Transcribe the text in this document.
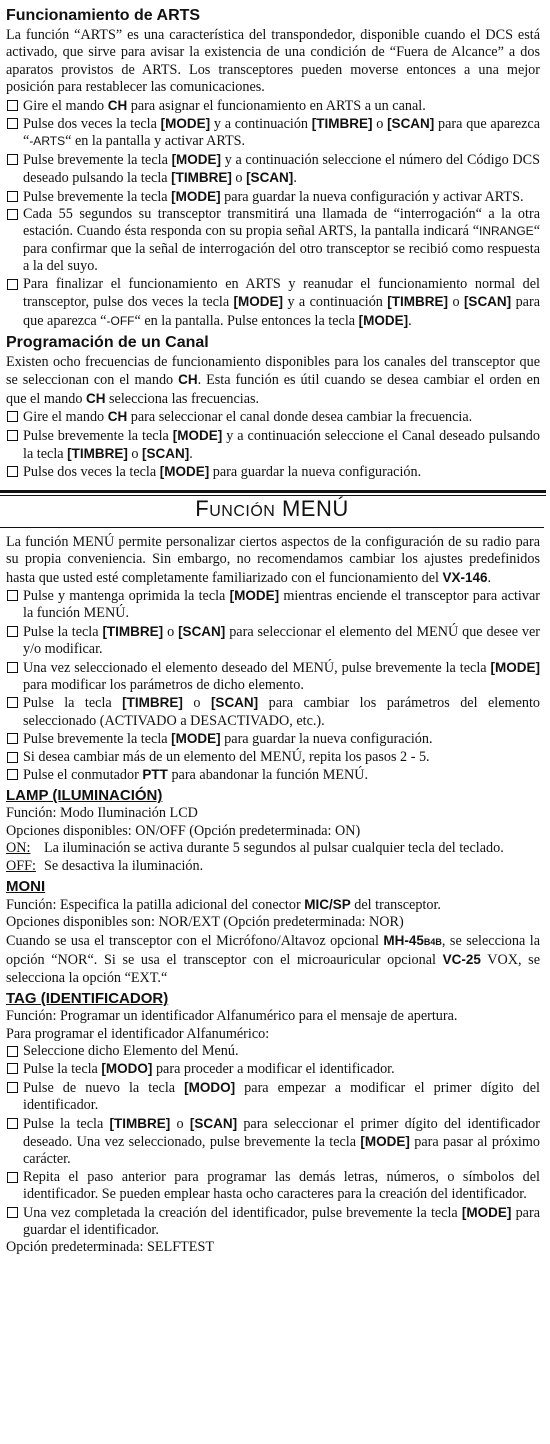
Funcionamiento de ARTS

La función “ARTS” es una característica del transpondedor, disponible cuando el DCS está activado, que sirve para avisar la existencia de una condición de “Fuera de Alcance” a dos aparatos provistos de ARTS. Los transceptores pueden moverse entonces a una mejor posición para restablecer las comunicaciones.

Gire el mando CH para asignar el funcionamiento en ARTS a un canal.
Pulse dos veces la tecla [MODE] y a continuación [TIMBRE] o [SCAN] para que aparezca “-ARTS“ en la pantalla y activar ARTS.
Pulse brevemente la tecla [MODE] y a continuación seleccione el número del Código DCS deseado pulsando la tecla [TIMBRE] o [SCAN].
Pulse brevemente la tecla [MODE] para guardar la nueva configuración y activar ARTS.
Cada 55 segundos su transceptor transmitirá una llamada de “interrogación“ a la otra estación. Cuando ésta responda con su propia señal ARTS, la pantalla indicará “INRANGE“ para confirmar que la señal de interrogación del otro transceptor se recibió como respuesta a la del suyo.
Para finalizar el funcionamiento en ARTS y reanudar el funcionamiento normal del transceptor, pulse dos veces la tecla [MODE] y a continuación [TIMBRE] o [SCAN] para que aparezca “-OFF“ en la pantalla. Pulse entonces la tecla [MODE].
Programación de un Canal

Existen ocho frecuencias de funcionamiento disponibles para los canales del transceptor que se seleccionan con el mando CH. Esta función es útil cuando se desea cambiar el orden en que el mando CH selecciona las frecuencias.

Gire el mando CH para seleccionar el canal donde desea cambiar la frecuencia.
Pulse brevemente la tecla [MODE] y a continuación seleccione el Canal deseado pulsando la tecla [TIMBRE] o [SCAN].
Pulse dos veces la tecla [MODE] para guardar la nueva configuración.
FUNCIÓN MENÚ

La función MENÚ permite personalizar ciertos aspectos de la configuración de su radio para su propia conveniencia. Sin embargo, no recomendamos cambiar los ajustes predefinidos hasta que usted esté completamente familiarizado con el funcionamiento del VX-146.

Pulse y mantenga oprimida la tecla [MODE] mientras enciende el transceptor para activar la función MENÚ.
Pulse la tecla [TIMBRE] o [SCAN] para seleccionar el elemento del MENÚ que desee ver y/o modificar.
Una vez seleccionado el elemento deseado del MENÚ, pulse brevemente la tecla [MODE] para modificar los parámetros de dicho elemento.
Pulse la tecla [TIMBRE] o [SCAN] para cambiar los parámetros del elemento seleccionado (ACTIVADO a DESACTIVADO, etc.).
Pulse brevemente la tecla [MODE] para guardar la nueva configuración.
Si desea cambiar más de un elemento del MENÚ, repita los pasos 2 - 5.
Pulse el conmutador PTT para abandonar la función MENÚ.
LAMP (ILUMINACIÓN)

Función: Modo Iluminación LCD

Opciones disponibles: ON/OFF (Opción predeterminada: ON)

ON: La iluminación se activa durante 5 segundos al pulsar cualquier tecla del teclado.
OFF: Se desactiva la iluminación.
MONI

Función: Especifica la patilla adicional del conector MIC/SP del transceptor.

Opciones disponibles son: NOR/EXT (Opción predeterminada: NOR)

Cuando se usa el transceptor con el Micrófono/Altavoz opcional MH-45B4B, se selecciona la opción “NOR“. Si se usa el transceptor con el microauricular opcional VC-25 VOX, se selecciona la opción “EXT.“

TAG (IDENTIFICADOR)

Función: Programar un identificador Alfanumérico para el mensaje de apertura.

Para programar el identificador Alfanumérico:

Seleccione dicho Elemento del Menú.
Pulse la tecla [MODO] para proceder a modificar el identificador.
Pulse de nuevo la tecla [MODO] para empezar a modificar el primer dígito del identificador.
Pulse la tecla [TIMBRE] o [SCAN] para seleccionar el primer dígito del identificador deseado. Una vez seleccionado, pulse brevemente la tecla [MODE] para pasar al próximo carácter.
Repita el paso anterior para programar las demás letras, números, o símbolos del identificador. Se pueden emplear hasta ocho caracteres para la creación del identificador.
Una vez completada la creación del identificador, pulse brevemente la tecla [MODE] para guardar el identificador.

Opción predeterminada: SELFTEST
